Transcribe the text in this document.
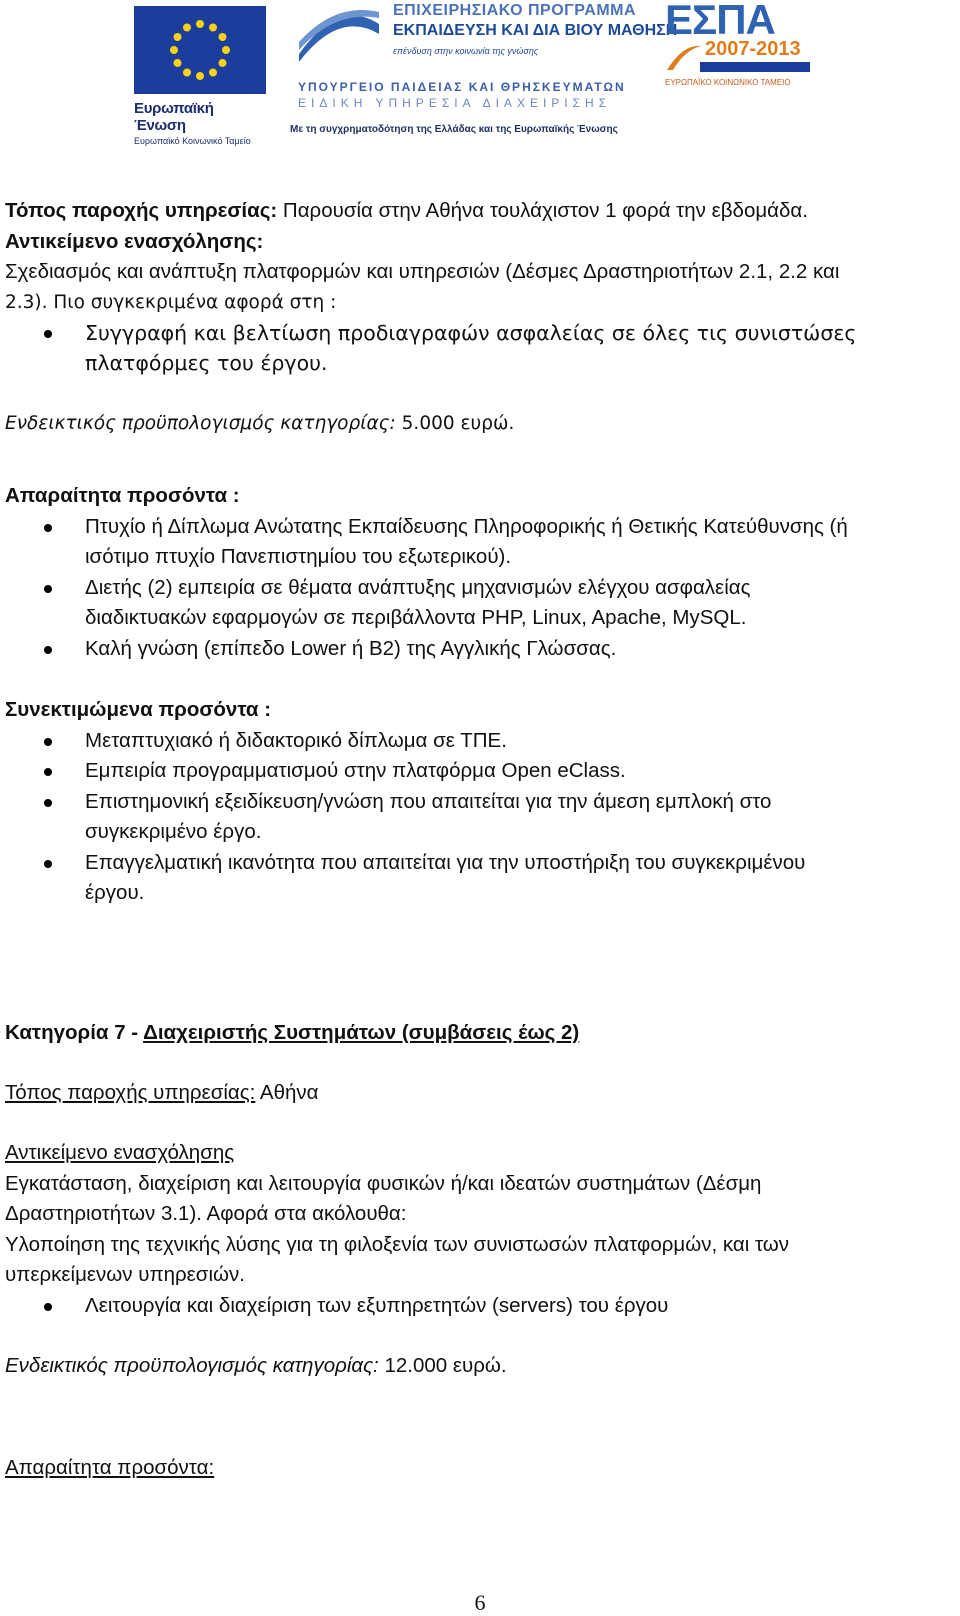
Ευρωπαϊκή Ένωση
Ευρωπαϊκό Κοινωνικό Ταμείο
ΕΠΙΧΕΙΡΗΣΙΑΚΟ ΠΡΟΓΡΑΜΜΑ
ΕΚΠΑΙΔΕΥΣΗ ΚΑΙ ΔΙΑ ΒΙΟΥ ΜΑΘΗΣΗ
επένδυση στην κοινωνία της γνώσης
ΥΠΟΥΡΓΕΙΟ ΠΑΙΔΕΙΑΣ ΚΑΙ ΘΡΗΣΚΕΥΜΑΤΩΝ
ΕΙΔΙΚΗ ΥΠΗΡΕΣΙΑ ΔΙΑΧΕΙΡΙΣΗΣ
Με τη συγχρηματοδότηση της Ελλάδας και της Ευρωπαϊκής Ένωσης
ΕΣΠΑ
2007-2013
ΕΥΡΩΠΑΪΚΟ ΚΟΙΝΩΝΙΚΟ ΤΑΜΕΙΟ
Τόπος παροχής υπηρεσίας: Παρουσία στην Αθήνα τουλάχιστον 1 φορά την εβδομάδα.
Αντικείμενο ενασχόλησης:
Σχεδιασμός και ανάπτυξη πλατφορμών και υπηρεσιών (Δέσμες Δραστηριοτήτων 2.1, 2.2 και
2.3). Πιο συγκεκριμένα αφορά στη :
Συγγραφή και βελτίωση προδιαγραφών ασφαλείας σε όλες τις συνιστώσες
πλατφόρμες του έργου.
Ενδεικτικός προϋπολογισμός κατηγορίας: 5.000 ευρώ.
Απαραίτητα προσόντα :
Πτυχίο ή Δίπλωμα Ανώτατης Εκπαίδευσης Πληροφορικής ή Θετικής Κατεύθυνσης (ή
ισότιμο πτυχίο Πανεπιστημίου του εξωτερικού).
Διετής (2) εμπειρία σε θέματα ανάπτυξης μηχανισμών ελέγχου ασφαλείας
διαδικτυακών εφαρμογών σε περιβάλλοντα PHP, Linux, Apache, MySQL.
Καλή γνώση (επίπεδο Lower ή B2) της Αγγλικής Γλώσσας.
Συνεκτιμώμενα προσόντα :
Μεταπτυχιακό ή διδακτορικό δίπλωμα σε ΤΠΕ.
Εμπειρία προγραμματισμού στην πλατφόρμα Open eClass.
Επιστημονική εξειδίκευση/γνώση που απαιτείται για την άμεση εμπλοκή στο
συγκεκριμένο έργο.
Επαγγελματική ικανότητα που απαιτείται για την υποστήριξη του συγκεκριμένου
έργου.
Κατηγορία 7 - Διαχειριστής Συστημάτων (συμβάσεις έως 2)
Τόπος παροχής υπηρεσίας: Αθήνα
Αντικείμενο ενασχόλησης
Εγκατάσταση, διαχείριση και λειτουργία φυσικών ή/και ιδεατών συστημάτων (Δέσμη
Δραστηριοτήτων 3.1). Αφορά στα ακόλουθα:
Υλοποίηση της τεχνικής λύσης για τη φιλοξενία των συνιστωσών πλατφορμών, και των
υπερκείμενων υπηρεσιών.
Λειτουργία και διαχείριση των εξυπηρετητών (servers) του έργου
Ενδεικτικός προϋπολογισμός κατηγορίας: 12.000 ευρώ.
Απαραίτητα προσόντα:
6
